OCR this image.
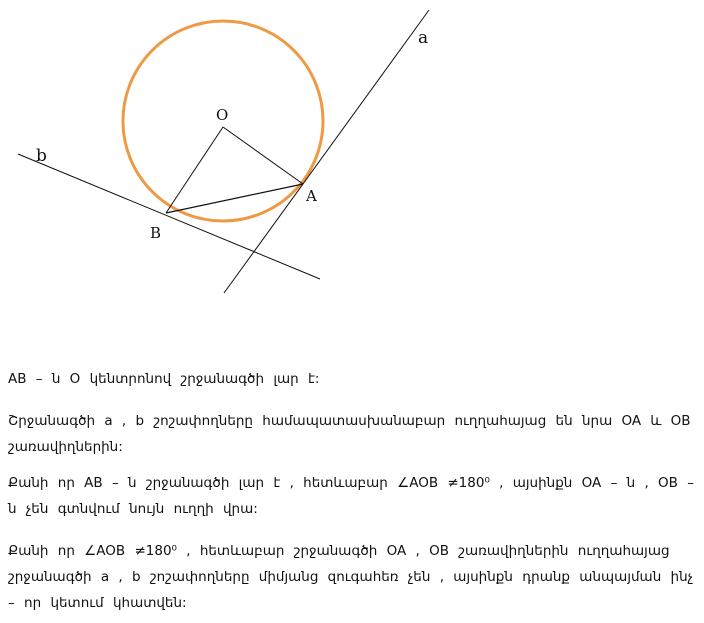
O
A
B
a
b
AB – ն O կենտրոնով շրջանագծի լար է:
Շրջանագծի a , b շոշափողները համապատասխանաբար ուղղահայաց են նրա OA և OB շառավիղներին:
Քանի որ AB – ն շրջանագծի լար է , հետևաբար ∠AOB ≠180⁰ , այսինքն OA – ն , OB – ն չեն գտնվում նույն ուղղի վրա:
Քանի որ ∠AOB ≠180⁰ , հետևաբար շրջանագծի OA , OB շառավիղներին ուղղահայաց շրջանագծի a , b շոշափողները միմյանց զուգահեռ չեն , այսինքն դրանք անպայման ինչ – որ կետում կհատվեն:
